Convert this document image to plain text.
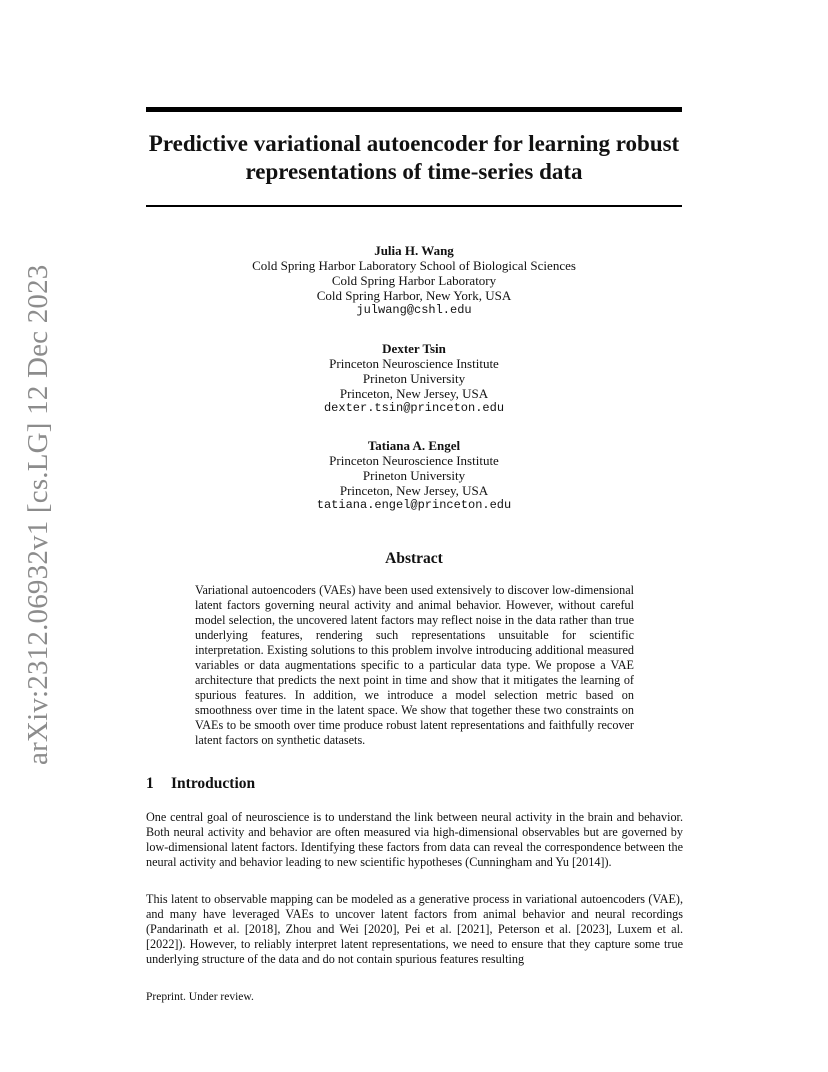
arXiv:2312.06932v1 [cs.LG] 12 Dec 2023
Predictive variational autoencoder for learning robust representations of time-series data
Julia H. Wang
Cold Spring Harbor Laboratory School of Biological Sciences
Cold Spring Harbor Laboratory
Cold Spring Harbor, New York, USA
julwang@cshl.edu
Dexter Tsin
Princeton Neuroscience Institute
Prineton University
Princeton, New Jersey, USA
dexter.tsin@princeton.edu
Tatiana A. Engel
Princeton Neuroscience Institute
Prineton University
Princeton, New Jersey, USA
tatiana.engel@princeton.edu
Abstract

Variational autoencoders (VAEs) have been used extensively to discover low-dimensional latent factors governing neural activity and animal behavior. However, without careful model selection, the uncovered latent factors may reflect noise in the data rather than true underlying features, rendering such representations unsuitable for scientific interpretation. Existing solutions to this problem involve introducing additional measured variables or data augmentations specific to a particular data type. We propose a VAE architecture that predicts the next point in time and show that it mitigates the learning of spurious features. In addition, we introduce a model selection metric based on smoothness over time in the latent space. We show that together these two constraints on VAEs to be smooth over time produce robust latent representations and faithfully recover latent factors on synthetic datasets.

1 Introduction

One central goal of neuroscience is to understand the link between neural activity in the brain and behavior. Both neural activity and behavior are often measured via high-dimensional observables but are governed by low-dimensional latent factors. Identifying these factors from data can reveal the correspondence between the neural activity and behavior leading to new scientific hypotheses (Cunningham and Yu [2014]).

This latent to observable mapping can be modeled as a generative process in variational autoencoders (VAE), and many have leveraged VAEs to uncover latent factors from animal behavior and neural recordings (Pandarinath et al. [2018], Zhou and Wei [2020], Pei et al. [2021], Peterson et al. [2023], Luxem et al. [2022]). However, to reliably interpret latent representations, we need to ensure that they capture some true underlying structure of the data and do not contain spurious features resulting

Preprint. Under review.
